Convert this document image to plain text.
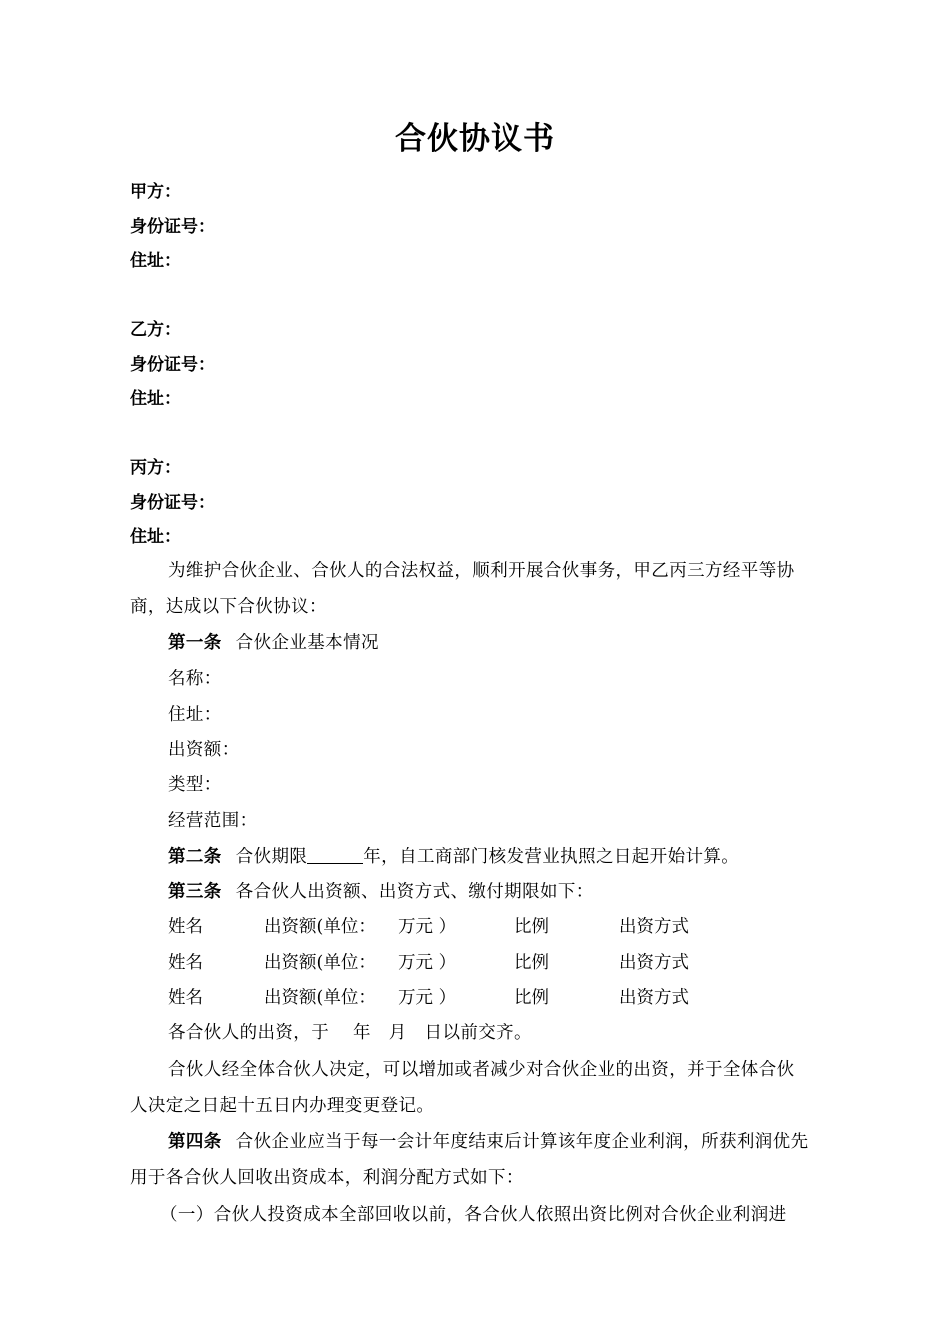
合伙协议书
甲方：
身份证号：
住址：
乙方：
身份证号：
住址：
丙方：
身份证号：
住址：
为维护合伙企业、合伙人的合法权益，顺利开展合伙事务，甲乙丙三方经平等协
商，达成以下合伙协议：
第一条 合伙企业基本情况
名称：
住址：
出资额：
类型：
经营范围：
第二条 合伙期限	年，自工商部门核发营业执照之日起开始计算。
第三条 各合伙人出资额、出资方式、缴付期限如下：
姓名	出资额(单位： 万元 ）	比例	出资方式
姓名	出资额(单位： 万元 ）	比例	出资方式
姓名	出资额(单位： 万元 ）	比例	出资方式
各合伙人的出资，于　 年　月　日以前交齐。
合伙人经全体合伙人决定，可以增加或者减少对合伙企业的出资，并于全体合伙
人决定之日起十五日内办理变更登记。
第四条 合伙企业应当于每一会计年度结束后计算该年度企业利润，所获利润优先
用于各合伙人回收出资成本，利润分配方式如下：
（一）合伙人投资成本全部回收以前，各合伙人依照出资比例对合伙企业利润进
